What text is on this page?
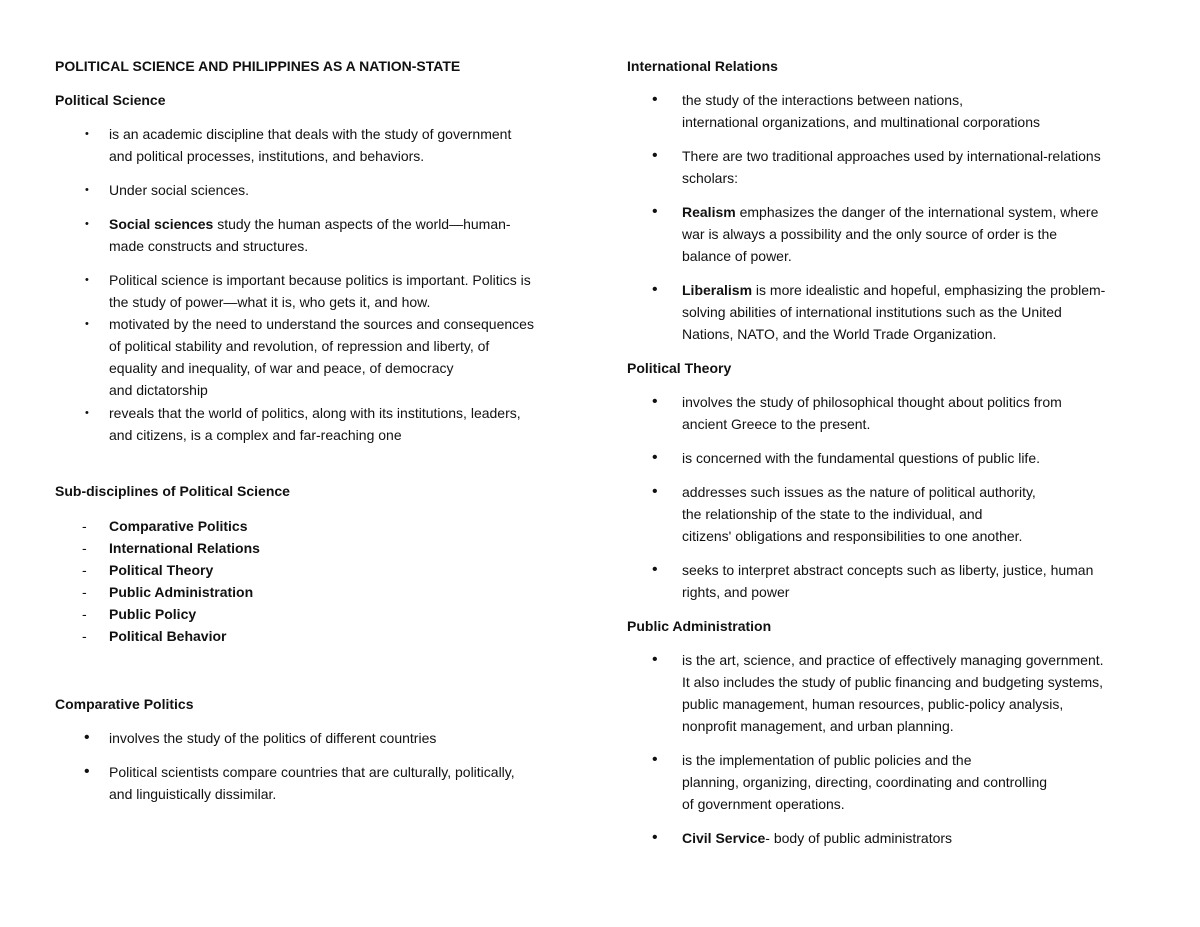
POLITICAL SCIENCE AND PHILIPPINES AS A NATION-STATE
Political Science
• is an academic discipline that deals with the study of government
and political processes, institutions, and behaviors.
• Under social sciences.
• Social sciences study the human aspects of the world—human-
made constructs and structures.
• Political science is important because politics is important. Politics is
the study of power—what it is, who gets it, and how.
• motivated by the need to understand the sources and consequences
of political stability and revolution, of repression and liberty, of
equality and inequality, of war and peace, of democracy
and dictatorship
• reveals that the world of politics, along with its institutions, leaders,
and citizens, is a complex and far-reaching one
Sub-disciplines of Political Science
- Comparative Politics
- International Relations
- Political Theory
- Public Administration
- Public Policy
- Political Behavior
Comparative Politics
• involves the study of the politics of different countries
• Political scientists compare countries that are culturally, politically,
and linguistically dissimilar.
International Relations
• the study of the interactions between nations,
international organizations, and multinational corporations
• There are two traditional approaches used by international-relations
scholars:
• Realism emphasizes the danger of the international system, where
war is always a possibility and the only source of order is the
balance of power.
• Liberalism is more idealistic and hopeful, emphasizing the problem-
solving abilities of international institutions such as the United
Nations, NATO, and the World Trade Organization.
Political Theory
• involves the study of philosophical thought about politics from
ancient Greece to the present.
• is concerned with the fundamental questions of public life.
• addresses such issues as the nature of political authority,
the relationship of the state to the individual, and
citizens' obligations and responsibilities to one another.
• seeks to interpret abstract concepts such as liberty, justice, human
rights, and power
Public Administration
• is the art, science, and practice of effectively managing government.
It also includes the study of public financing and budgeting systems,
public management, human resources, public-policy analysis,
nonprofit management, and urban planning.
• is the implementation of public policies and the
planning, organizing, directing, coordinating and controlling
of government operations.
• Civil Service- body of public administrators
